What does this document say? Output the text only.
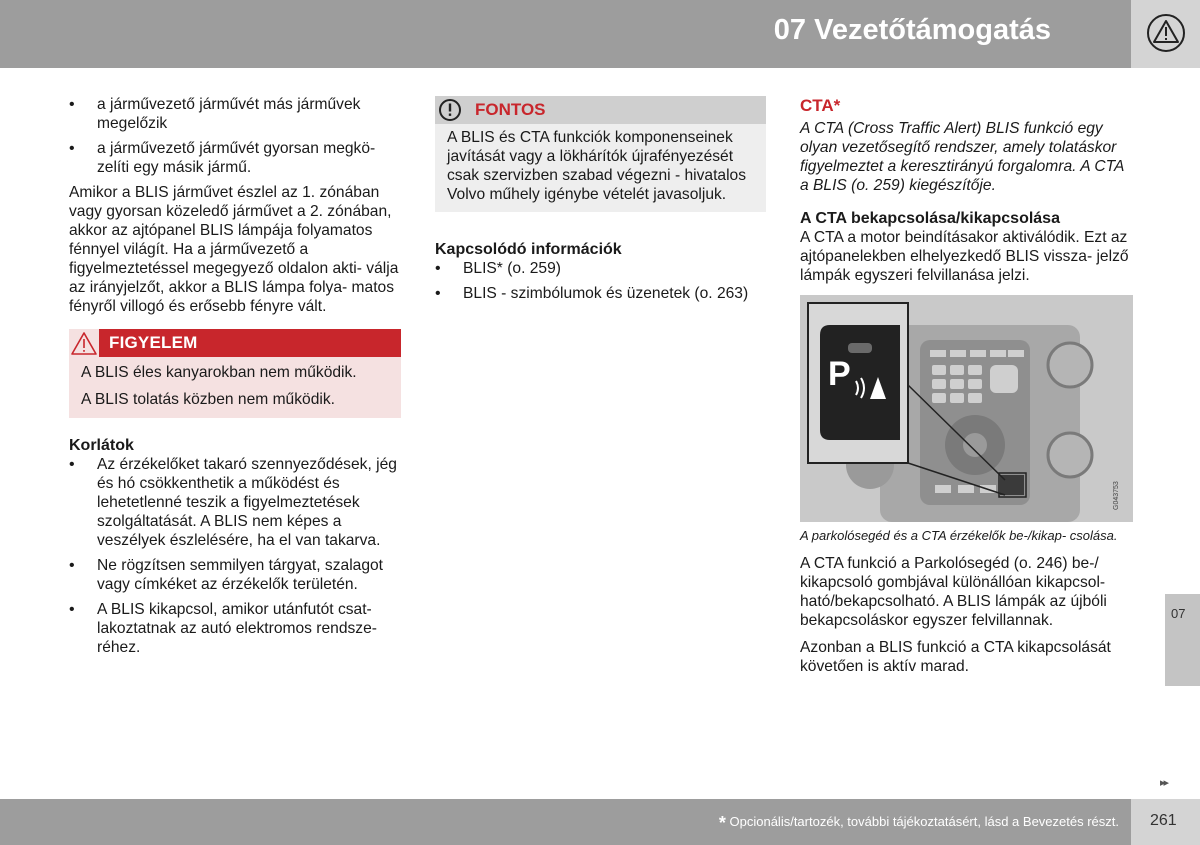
07 Vezetőtámogatás
• a járművezető járművét más járművek megelőzik
• a járművezető járművét gyorsan megkö- zelíti egy másik jármű.

Amikor a BLIS járművet észlel az 1. zónában vagy gyorsan közeledő járművet a 2. zónában, akkor az ajtópanel BLIS lámpája folyamatos fénnyel világít. Ha a járművezető a figyelmeztetéssel megegyező oldalon akti- válja az irányjelzőt, akkor a BLIS lámpa folya- matos fényről villogó és erősebb fényre vált.

FIGYELEM

A BLIS éles kanyarokban nem működik.

A BLIS tolatás közben nem működik.

Korlátok
• Az érzékelőket takaró szennyeződések, jég és hó csökkenthetik a működést és lehetetlenné teszik a figyelmeztetések szolgáltatását. A BLIS nem képes a veszélyek észlelésére, ha el van takarva.
• Ne rögzítsen semmilyen tárgyat, szalagot vagy címkéket az érzékelők területén.
• A BLIS kikapcsol, amikor utánfutót csat- lakoztatnak az autó elektromos rendsze- réhez.
FONTOS

A BLIS és CTA funkciók komponenseinek javítását vagy a lökhárítók újrafényezését csak szervizben szabad végezni - hivatalos Volvo műhely igénybe vételét javasoljuk.

Kapcsolódó információk
• BLIS* (o. 259)
• BLIS - szimbólumok és üzenetek (o. 263)
CTA*

A CTA (Cross Traffic Alert) BLIS funkció egy olyan vezetősegítő rendszer, amely tolatáskor figyelmeztet a keresztirányú forgalomra. A CTA a BLIS (o. 259) kiegészítője.

A CTA bekapcsolása/kikapcsolása

A CTA a motor beindításakor aktiválódik. Ezt az ajtópanelekben elhelyezkedő BLIS vissza- jelző lámpák egyszeri felvillanása jelzi.

G043753
P
A parkolósegéd és a CTA érzékelők be-/kikap- csolása.

A CTA funkció a Parkolósegéd (o. 246) be-/ kikapcsoló gombjával különállóan kikapcsol- ható/bekapcsolható. A BLIS lámpák az újbóli bekapcsoláskor egyszer felvillannak.

Azonban a BLIS funkció a CTA kikapcsolását követően is aktív marad.

07
▸▸
* Opcionális/tartozék, további tájékoztatásért, lásd a Bevezetés részt. 261
